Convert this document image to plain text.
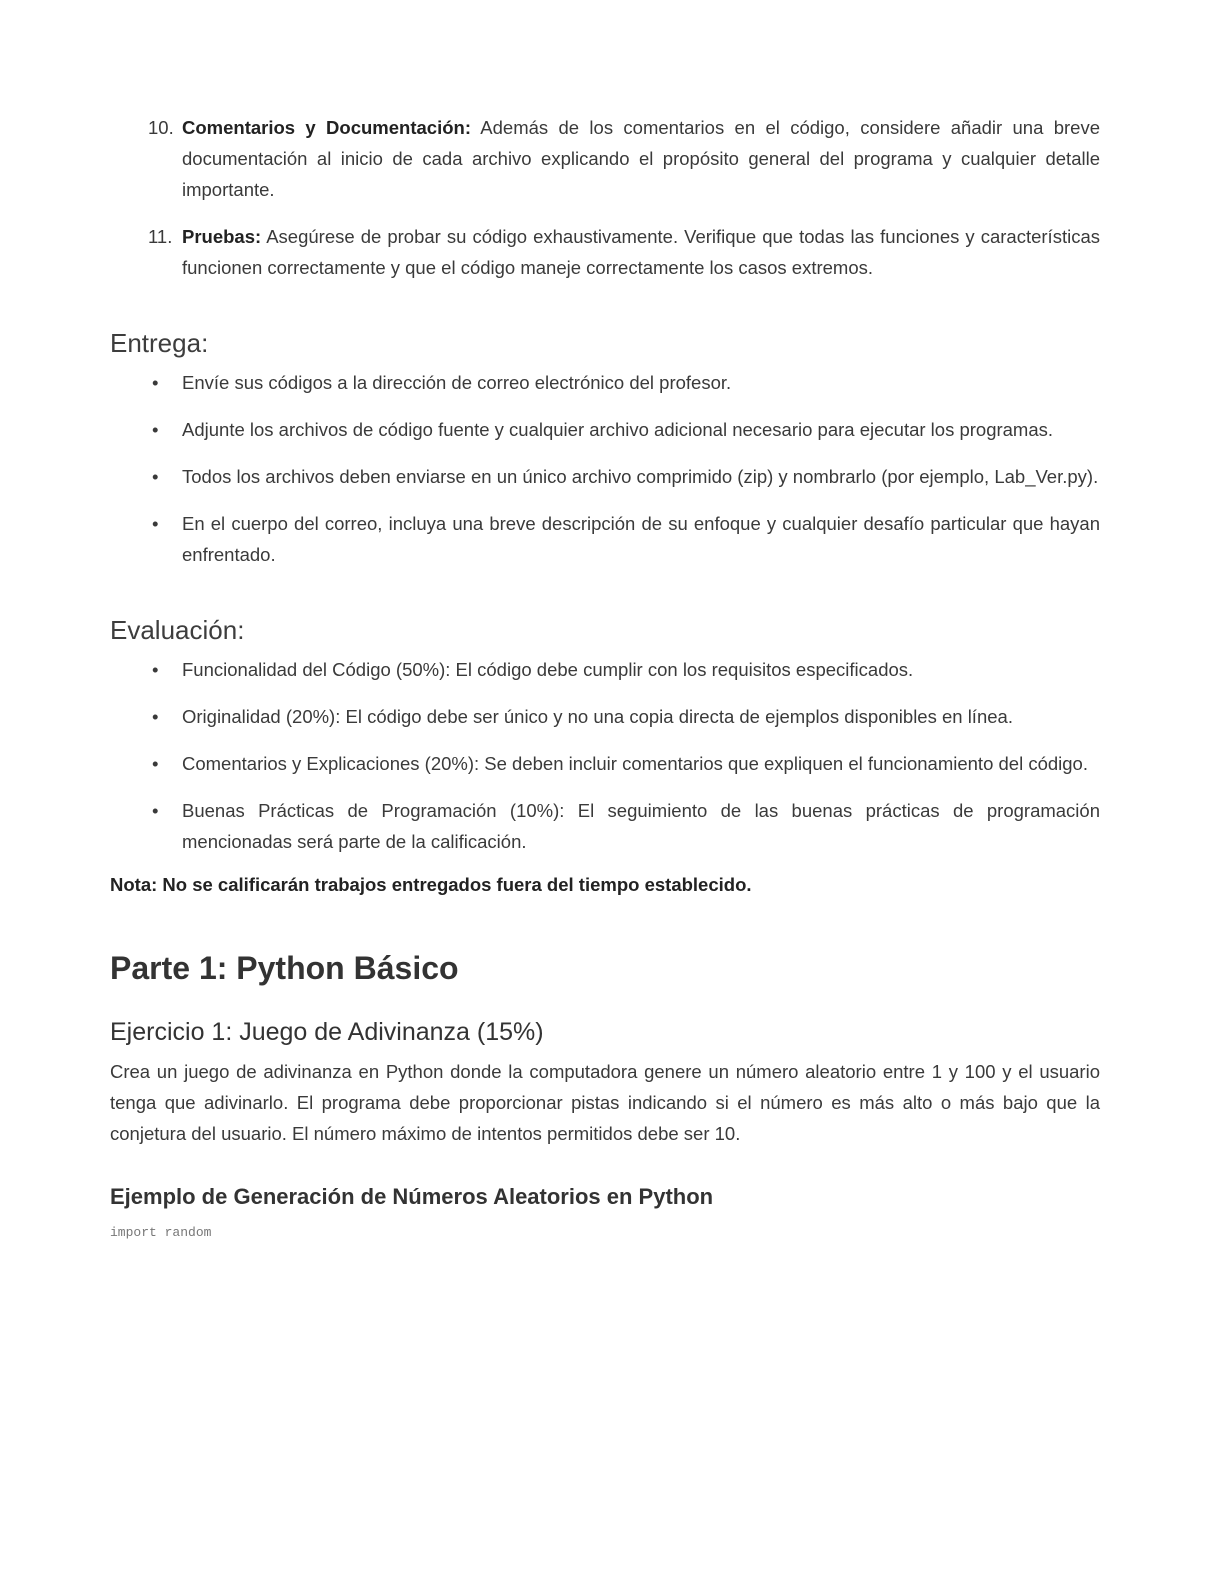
10. Comentarios y Documentación: Además de los comentarios en el código, considere añadir una breve documentación al inicio de cada archivo explicando el propósito general del programa y cualquier detalle importante.
11. Pruebas: Asegúrese de probar su código exhaustivamente. Verifique que todas las funciones y características funcionen correctamente y que el código maneje correctamente los casos extremos.
Entrega:
• Envíe sus códigos a la dirección de correo electrónico del profesor.
• Adjunte los archivos de código fuente y cualquier archivo adicional necesario para ejecutar los programas.
• Todos los archivos deben enviarse en un único archivo comprimido (zip) y nombrarlo (por ejemplo, Lab_Ver.py).
• En el cuerpo del correo, incluya una breve descripción de su enfoque y cualquier desafío particular que hayan enfrentado.
Evaluación:
• Funcionalidad del Código (50%): El código debe cumplir con los requisitos especificados.
• Originalidad (20%): El código debe ser único y no una copia directa de ejemplos disponibles en línea.
• Comentarios y Explicaciones (20%): Se deben incluir comentarios que expliquen el funcionamiento del código.
• Buenas Prácticas de Programación (10%): El seguimiento de las buenas prácticas de programación mencionadas será parte de la calificación.
Nota: No se calificarán trabajos entregados fuera del tiempo establecido.
Parte 1: Python Básico
Ejercicio 1: Juego de Adivinanza (15%)

Crea un juego de adivinanza en Python donde la computadora genere un número aleatorio entre 1 y 100 y el usuario tenga que adivinarlo. El programa debe proporcionar pistas indicando si el número es más alto o más bajo que la conjetura del usuario. El número máximo de intentos permitidos debe ser 10.

Ejemplo de Generación de Números Aleatorios en Python
import random
